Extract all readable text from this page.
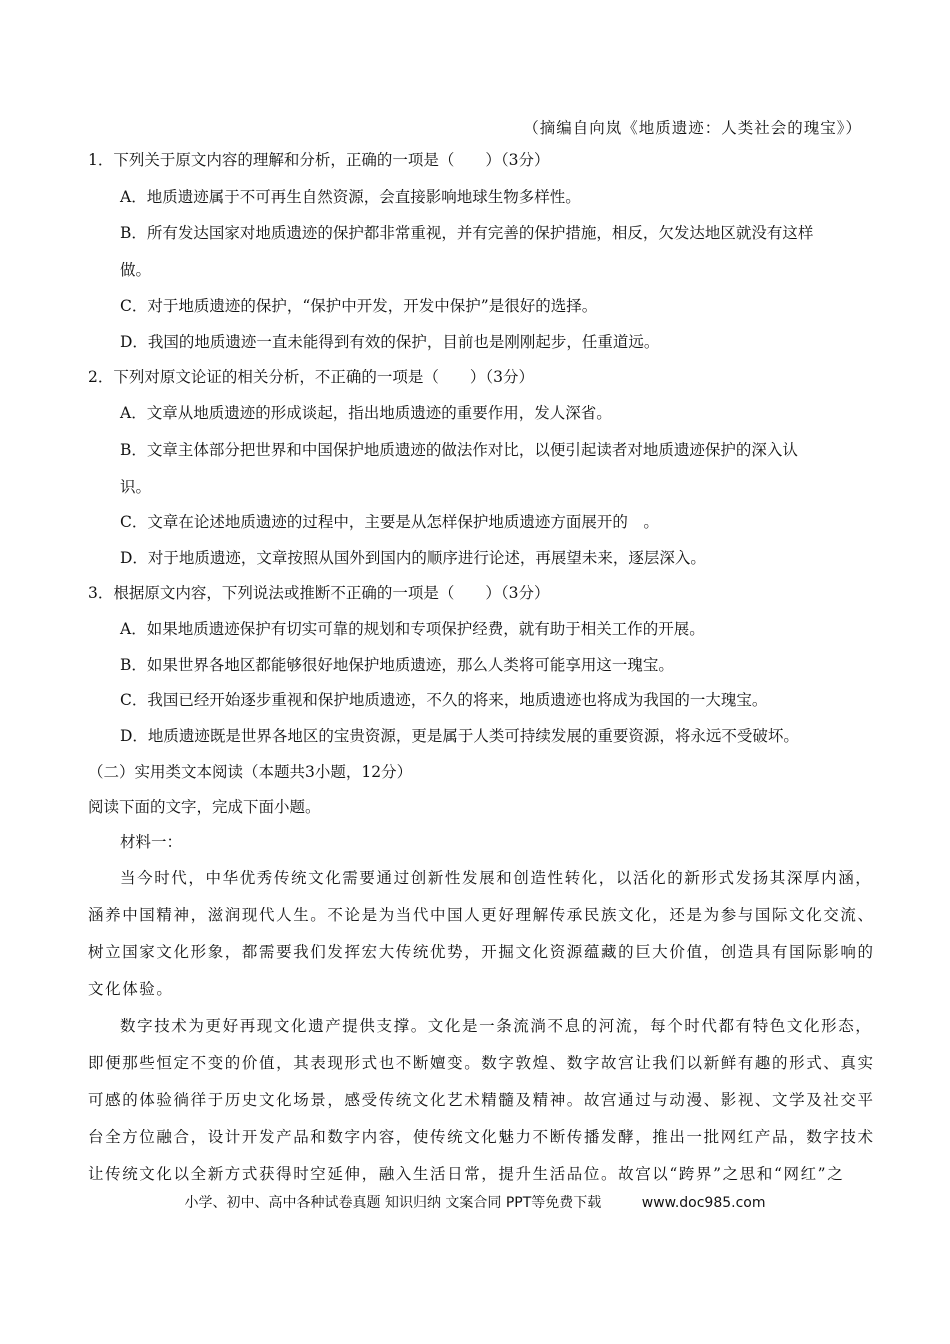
（摘编自向岚《地质遗迹：人类社会的瑰宝》）
1．下列关于原文内容的理解和分析，正确的一项是（　　）（3分）
A．地质遗迹属于不可再生自然资源，会直接影响地球生物多样性。
B．所有发达国家对地质遗迹的保护都非常重视，并有完善的保护措施，相反，欠发达地区就没有这样
做。
C．对于地质遗迹的保护，“保护中开发，开发中保护”是很好的选择。
D．我国的地质遗迹一直未能得到有效的保护，目前也是刚刚起步，任重道远。
2．下列对原文论证的相关分析，不正确的一项是（　　）（3分）
A．文章从地质遗迹的形成谈起，指出地质遗迹的重要作用，发人深省。
B．文章主体部分把世界和中国保护地质遗迹的做法作对比，以便引起读者对地质遗迹保护的深入认
识。
C．文章在论述地质遗迹的过程中，主要是从怎样保护地质遗迹方面展开的　。
D．对于地质遗迹，文章按照从国外到国内的顺序进行论述，再展望未来，逐层深入。
3．根据原文内容，下列说法或推断不正确的一项是（　　）（3分）
A．如果地质遗迹保护有切实可靠的规划和专项保护经费，就有助于相关工作的开展。
B．如果世界各地区都能够很好地保护地质遗迹，那么人类将可能享用这一瑰宝。
C．我国已经开始逐步重视和保护地质遗迹，不久的将来，地质遗迹也将成为我国的一大瑰宝。
D．地质遗迹既是世界各地区的宝贵资源，更是属于人类可持续发展的重要资源，将永远不受破坏。
（二）实用类文本阅读（本题共3小题，12分）
阅读下面的文字，完成下面小题。
材料一：
当今时代，中华优秀传统文化需要通过创新性发展和创造性转化，以活化的新形式发扬其深厚内涵，
涵养中国精神，滋润现代人生。不论是为当代中国人更好理解传承民族文化，还是为参与国际文化交流、
树立国家文化形象，都需要我们发挥宏大传统优势，开掘文化资源蕴藏的巨大价值，创造具有国际影响的
文化体验。
数字技术为更好再现文化遗产提供支撑。文化是一条流淌不息的河流，每个时代都有特色文化形态，
即便那些恒定不变的价值，其表现形式也不断嬗变。数字敦煌、数字故宫让我们以新鲜有趣的形式、真实
可感的体验徜徉于历史文化场景，感受传统文化艺术精髓及精神。故宫通过与动漫、影视、文学及社交平
台全方位融合，设计开发产品和数字内容，使传统文化魅力不断传播发酵，推出一批网红产品，数字技术
让传统文化以全新方式获得时空延伸，融入生活日常，提升生活品位。故宫以“跨界”之思和“网红”之
小学、初中、高中各种试卷真题 知识归纳 文案合同 PPT等免费下载	www.doc985.com
